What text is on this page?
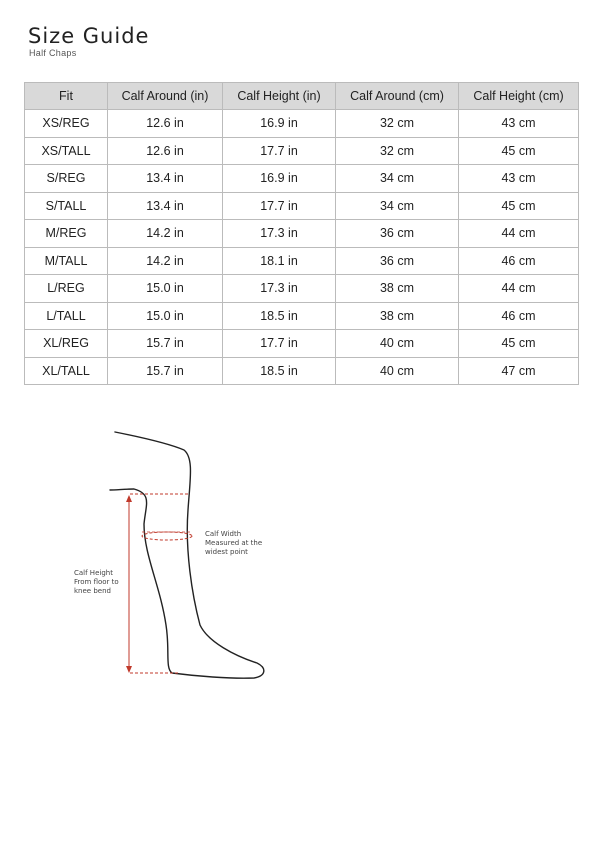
Size Guide
Half Chaps
Fit	Calf Around (in)	Calf Height (in)	Calf Around (cm)	Calf Height (cm)
XS/REG	12.6 in	16.9 in	32 cm	43 cm
XS/TALL	12.6 in	17.7 in	32 cm	45 cm
S/REG	13.4 in	16.9 in	34 cm	43 cm
S/TALL	13.4 in	17.7 in	34 cm	45 cm
M/REG	14.2 in	17.3 in	36 cm	44 cm
M/TALL	14.2 in	18.1 in	36 cm	46 cm
L/REG	15.0 in	17.3 in	38 cm	44 cm
L/TALL	15.0 in	18.5 in	38 cm	46 cm
XL/REG	15.7 in	17.7 in	40 cm	45 cm
XL/TALL	15.7 in	18.5 in	40 cm	47 cm
Calf Width
Measured at the
widest point
Calf Height
From floor to
knee bend
